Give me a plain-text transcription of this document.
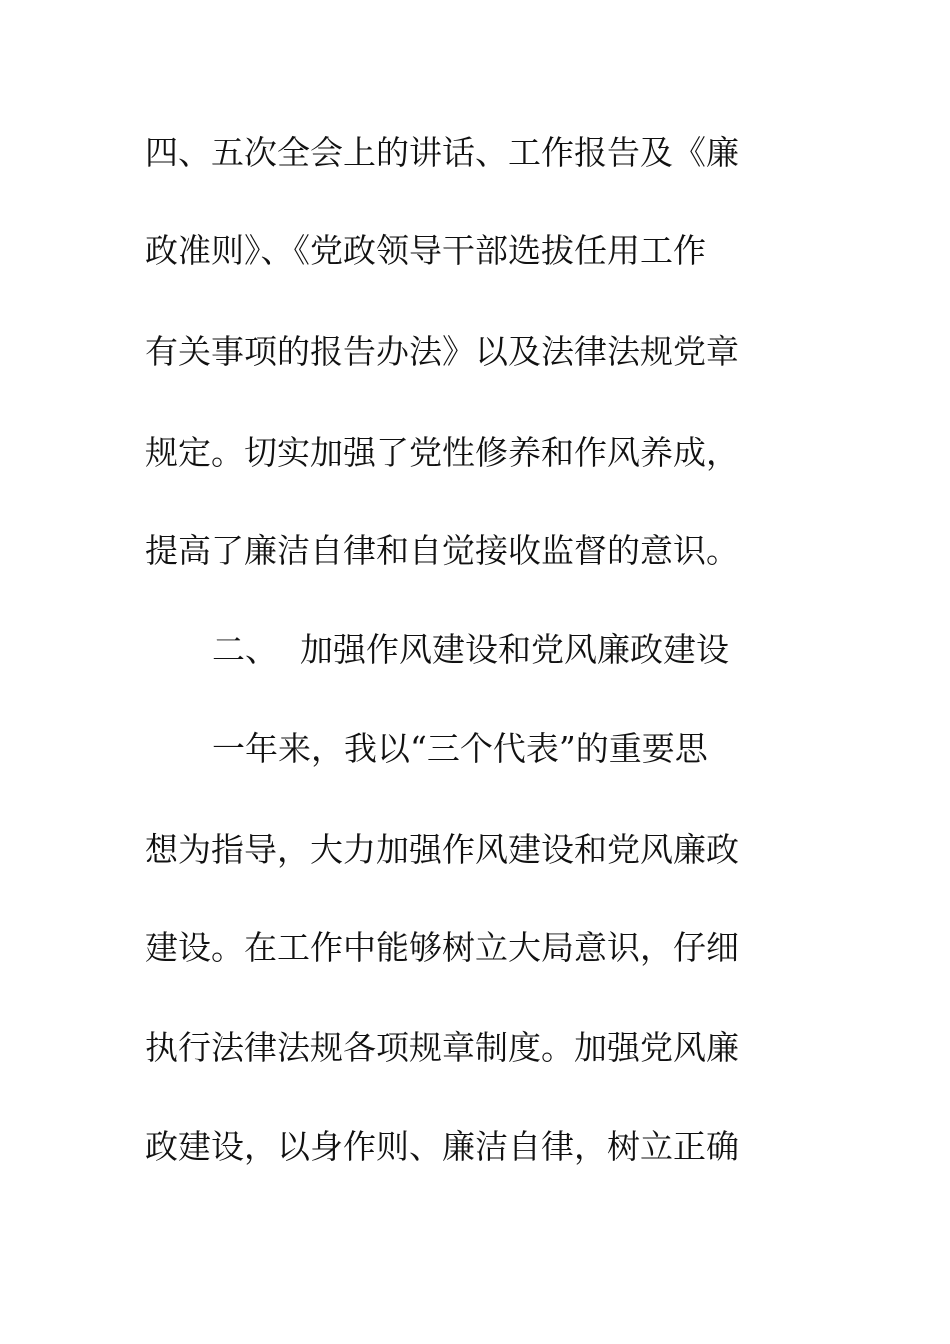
四、五次全会上的讲话、工作报告及《廉
政准则》、《党政领导干部选拔任用工作
有关事项的报告办法》以及法律法规党章
规定。切实加强了党性修养和作风养成，
提高了廉洁自律和自觉接收监督的意识。
二、 加强作风建设和党风廉政建设
一年来，我以“三个代表”的重要思
想为指导，大力加强作风建设和党风廉政
建设。在工作中能够树立大局意识，仔细
执行法律法规各项规章制度。加强党风廉
政建设，以身作则、廉洁自律，树立正确
